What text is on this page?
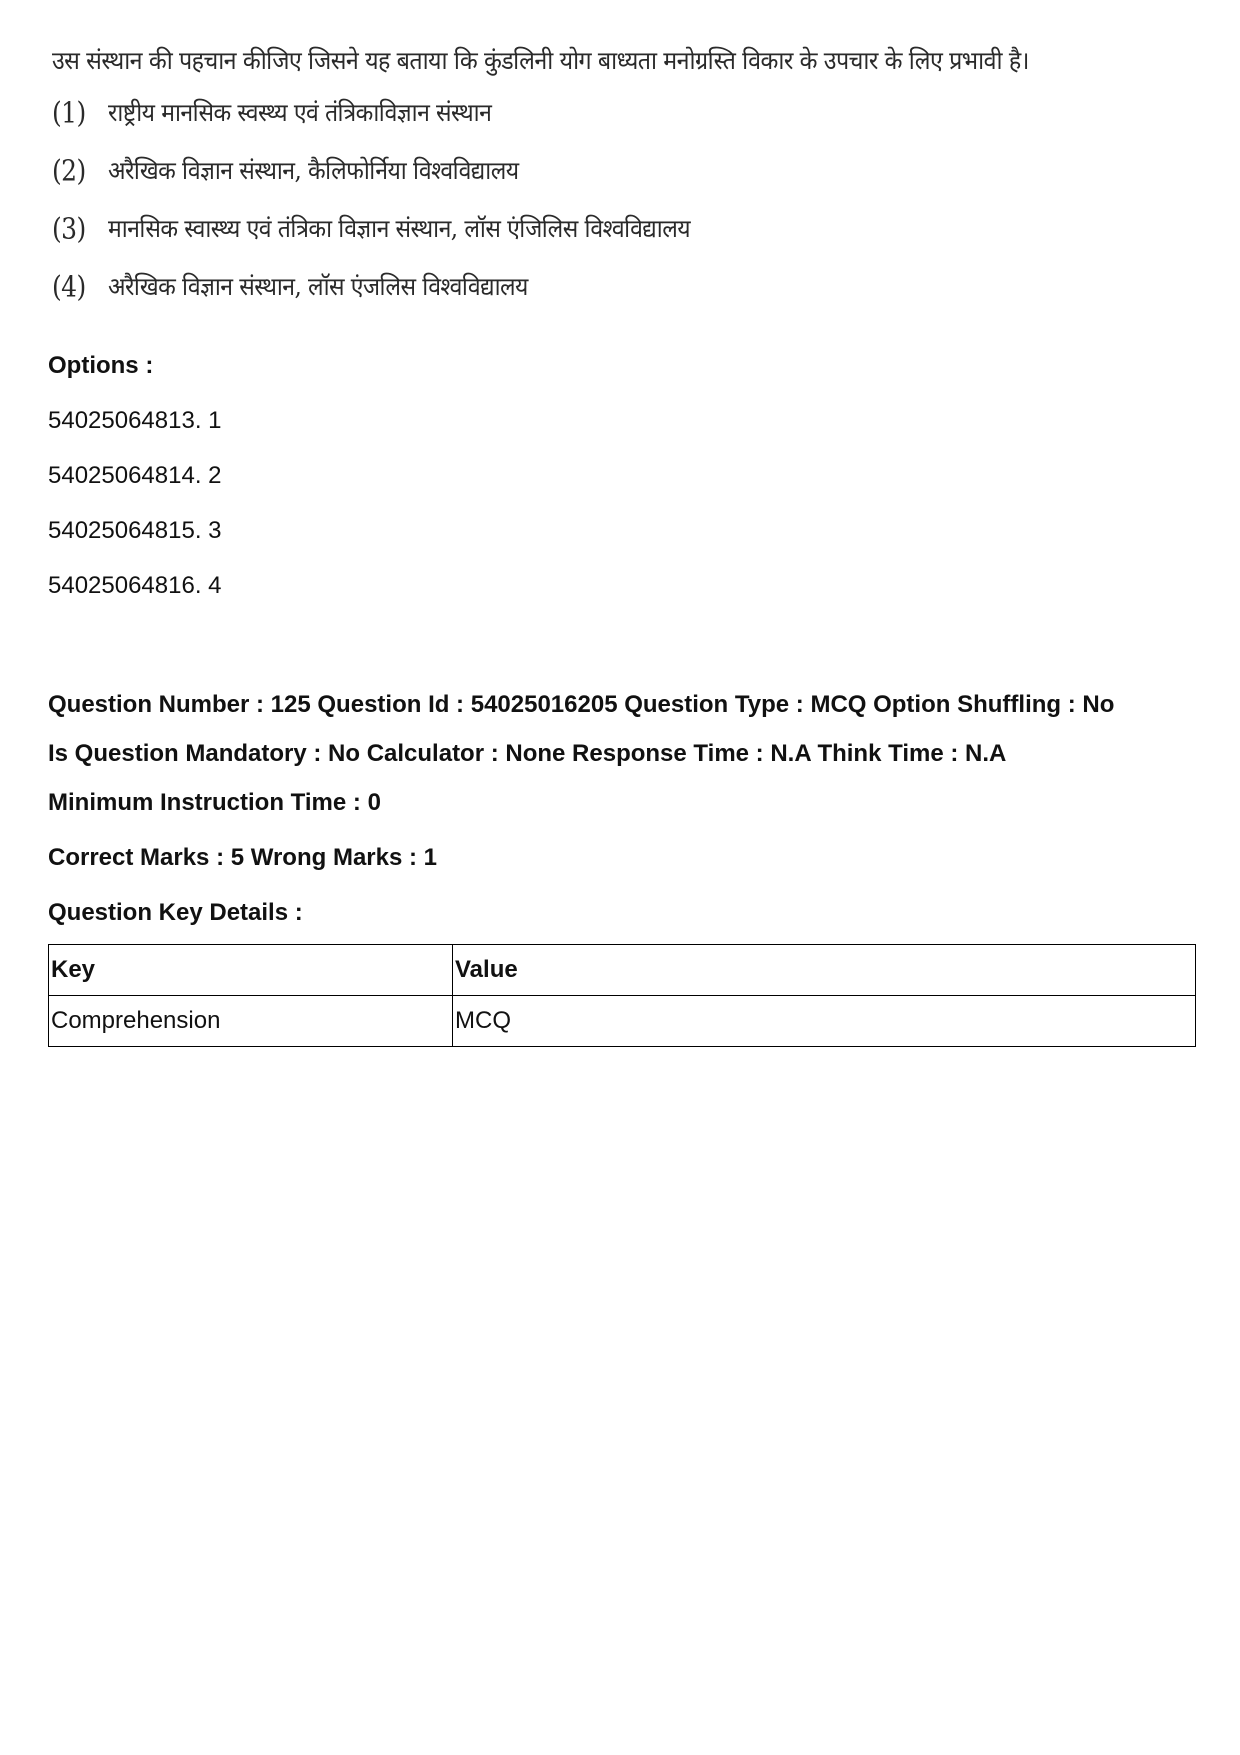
उस संस्थान की पहचान कीजिए जिसने यह बताया कि कुंडलिनी योग बाध्यता मनोग्रस्ति विकार के उपचार के लिए प्रभावी है।
(1) राष्ट्रीय मानसिक स्वस्थ्य एवं तंत्रिकाविज्ञान संस्थान
(2) अरैखिक विज्ञान संस्थान, कैलिफोर्निया विश्वविद्यालय
(3) मानसिक स्वास्थ्य एवं तंत्रिका विज्ञान संस्थान, लॉस एंजिलिस विश्वविद्यालय
(4) अरैखिक विज्ञान संस्थान, लॉस एंजलिस विश्वविद्यालय
Options :
54025064813. 1
54025064814. 2
54025064815. 3
54025064816. 4
Question Number : 125 Question Id : 54025016205 Question Type : MCQ Option Shuffling : No
Is Question Mandatory : No Calculator : None Response Time : N.A Think Time : N.A
Minimum Instruction Time : 0
Correct Marks : 5 Wrong Marks : 1
Question Key Details :
Key	Value
Comprehension	MCQ
